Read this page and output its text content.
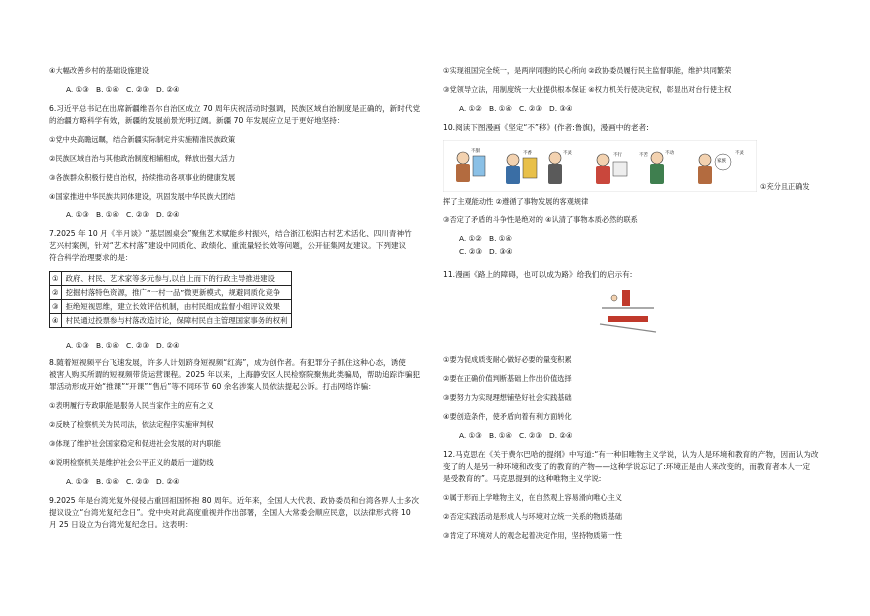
④大幅改善乡村的基础设施建设
A. ①③ B. ①④ C. ②③ D. ②④
6.习近平总书记在出席新疆维吾尔自治区成立 70 周年庆祝活动时强调，民族区域自治制度是正确的，新时代党
的治疆方略科学有效，新疆的发展前景光明辽阔。新疆 70 年发展应立足于更好地坚持：
①党中央高瞻远瞩，结合新疆实际制定并实施精准民族政策
②民族区域自治与其他政治制度相辅相成，释放出强大活力
③各族群众积极行使自治权，持续推动各项事业的健康发展
④国家推进中华民族共同体建设，巩固发展中华民族大团结
A. ①③ B. ①④ C. ②③ D. ②④
7.2025 年 10 月《半月谈》“基层圆桌会”聚焦艺术赋能乡村振兴，结合浙江松阳古村艺术活化、四川青神竹
艺兴村案例，针对“艺术村落”建设中同质化、政绩化、重流量轻长效等问题，公开征集网友建议。下列建议
符合科学治理要求的是：
①	政府、村民、艺术家等多元参与,以自上而下的行政主导推进建设
②	挖掘村落特色资源，推广“一村一品”微更新模式，规避同质化竞争
③	拒绝短视思维，建立长效评估机制，由村民组成监督小组评议效果
④	村民通过投票参与村落改造讨论，保障村民自主管理国家事务的权利
A. ①③ B. ①④ C. ②③ D. ②④
8.随着短视频平台飞速发展，许多人计划跻身短视频“红海”，成为创作者。有犯罪分子抓住这种心态，诱使
被害人购买所谓的短视频带货运营课程。2025 年以来，上海静安区人民检察院聚焦此类骗局，帮助追踪诈骗犯
罪活动形成开始“推课”“开课”“售后”等不同环节 60 余名涉案人员依法提起公诉。打击网络诈骗：
①表明履行专政职能是服务人民当家作主的应有之义
②反映了检察机关为民司法，依法定程序实施审判权
③体现了维护社会国家稳定和促进社会发展的对内职能
④说明检察机关是维护社会公平正义的最后一道防线
A. ①③ B. ①④ C. ②③ D. ②④
9.2025 年是台湾光复外侵侵占重回祖国怀抱 80 周年。近年来，全国人大代表、政协委员和台湾各界人士多次
提议设立“台湾光复纪念日”。党中央对此高度重视并作出部署，全国人大常委会顺应民意，以法律形式将 10
月 25 日设立为台湾光复纪念日。这表明：
①实现祖国完全统一，是两岸同胞的民心所向 ②政协委员履行民主监督职能，维护共同繁荣
③党领导立法，用制度统一大业提供根本保证 ④权力机关行使决定权，彰显出对台行使主权
A. ①② B. ①④ C. ②③ D. ③④
10.阅读下图漫画《坚定“不”移》(作者:鲁旗)，漫画中的老者:
不甜	不香	不灵	不行	不苦	不动
家族
不灵
①充分且正确发
挥了主观能动性 ②遵循了事物发展的客观规律
③否定了矛盾的斗争性是绝对的 ④认清了事物本质必然的联系
A. ①② B. ①④
C. ②③ D. ③④
11.漫画《路上的障碍，也可以成为路》给我们的启示有:
①要为促成质变耐心做好必要的量变积累
②要在正确价值判断基础上作出价值选择
③要努力为实现理想铺垫好社会实践基础
④要创造条件，使矛盾向着有利方面转化
A. ①③ B. ①④ C. ②③ D. ②④
12.马克思在《关于费尔巴哈的提纲》中写道:“有一种旧唯物主义学说，认为人是环境和教育的产物，因而认为改
变了的人是另一种环境和改变了的教育的产物——这种学说忘记了:环境正是由人来改变的，而教育者本人一定
是受教育的”。马克思提到的这种唯物主义学说:
①属于形而上学唯物主义，在自然观上容易滑向唯心主义
②否定实践活动是形成人与环境对立统一关系的物质基础
③肯定了环境对人的观念起着决定作用，坚持物质第一性
